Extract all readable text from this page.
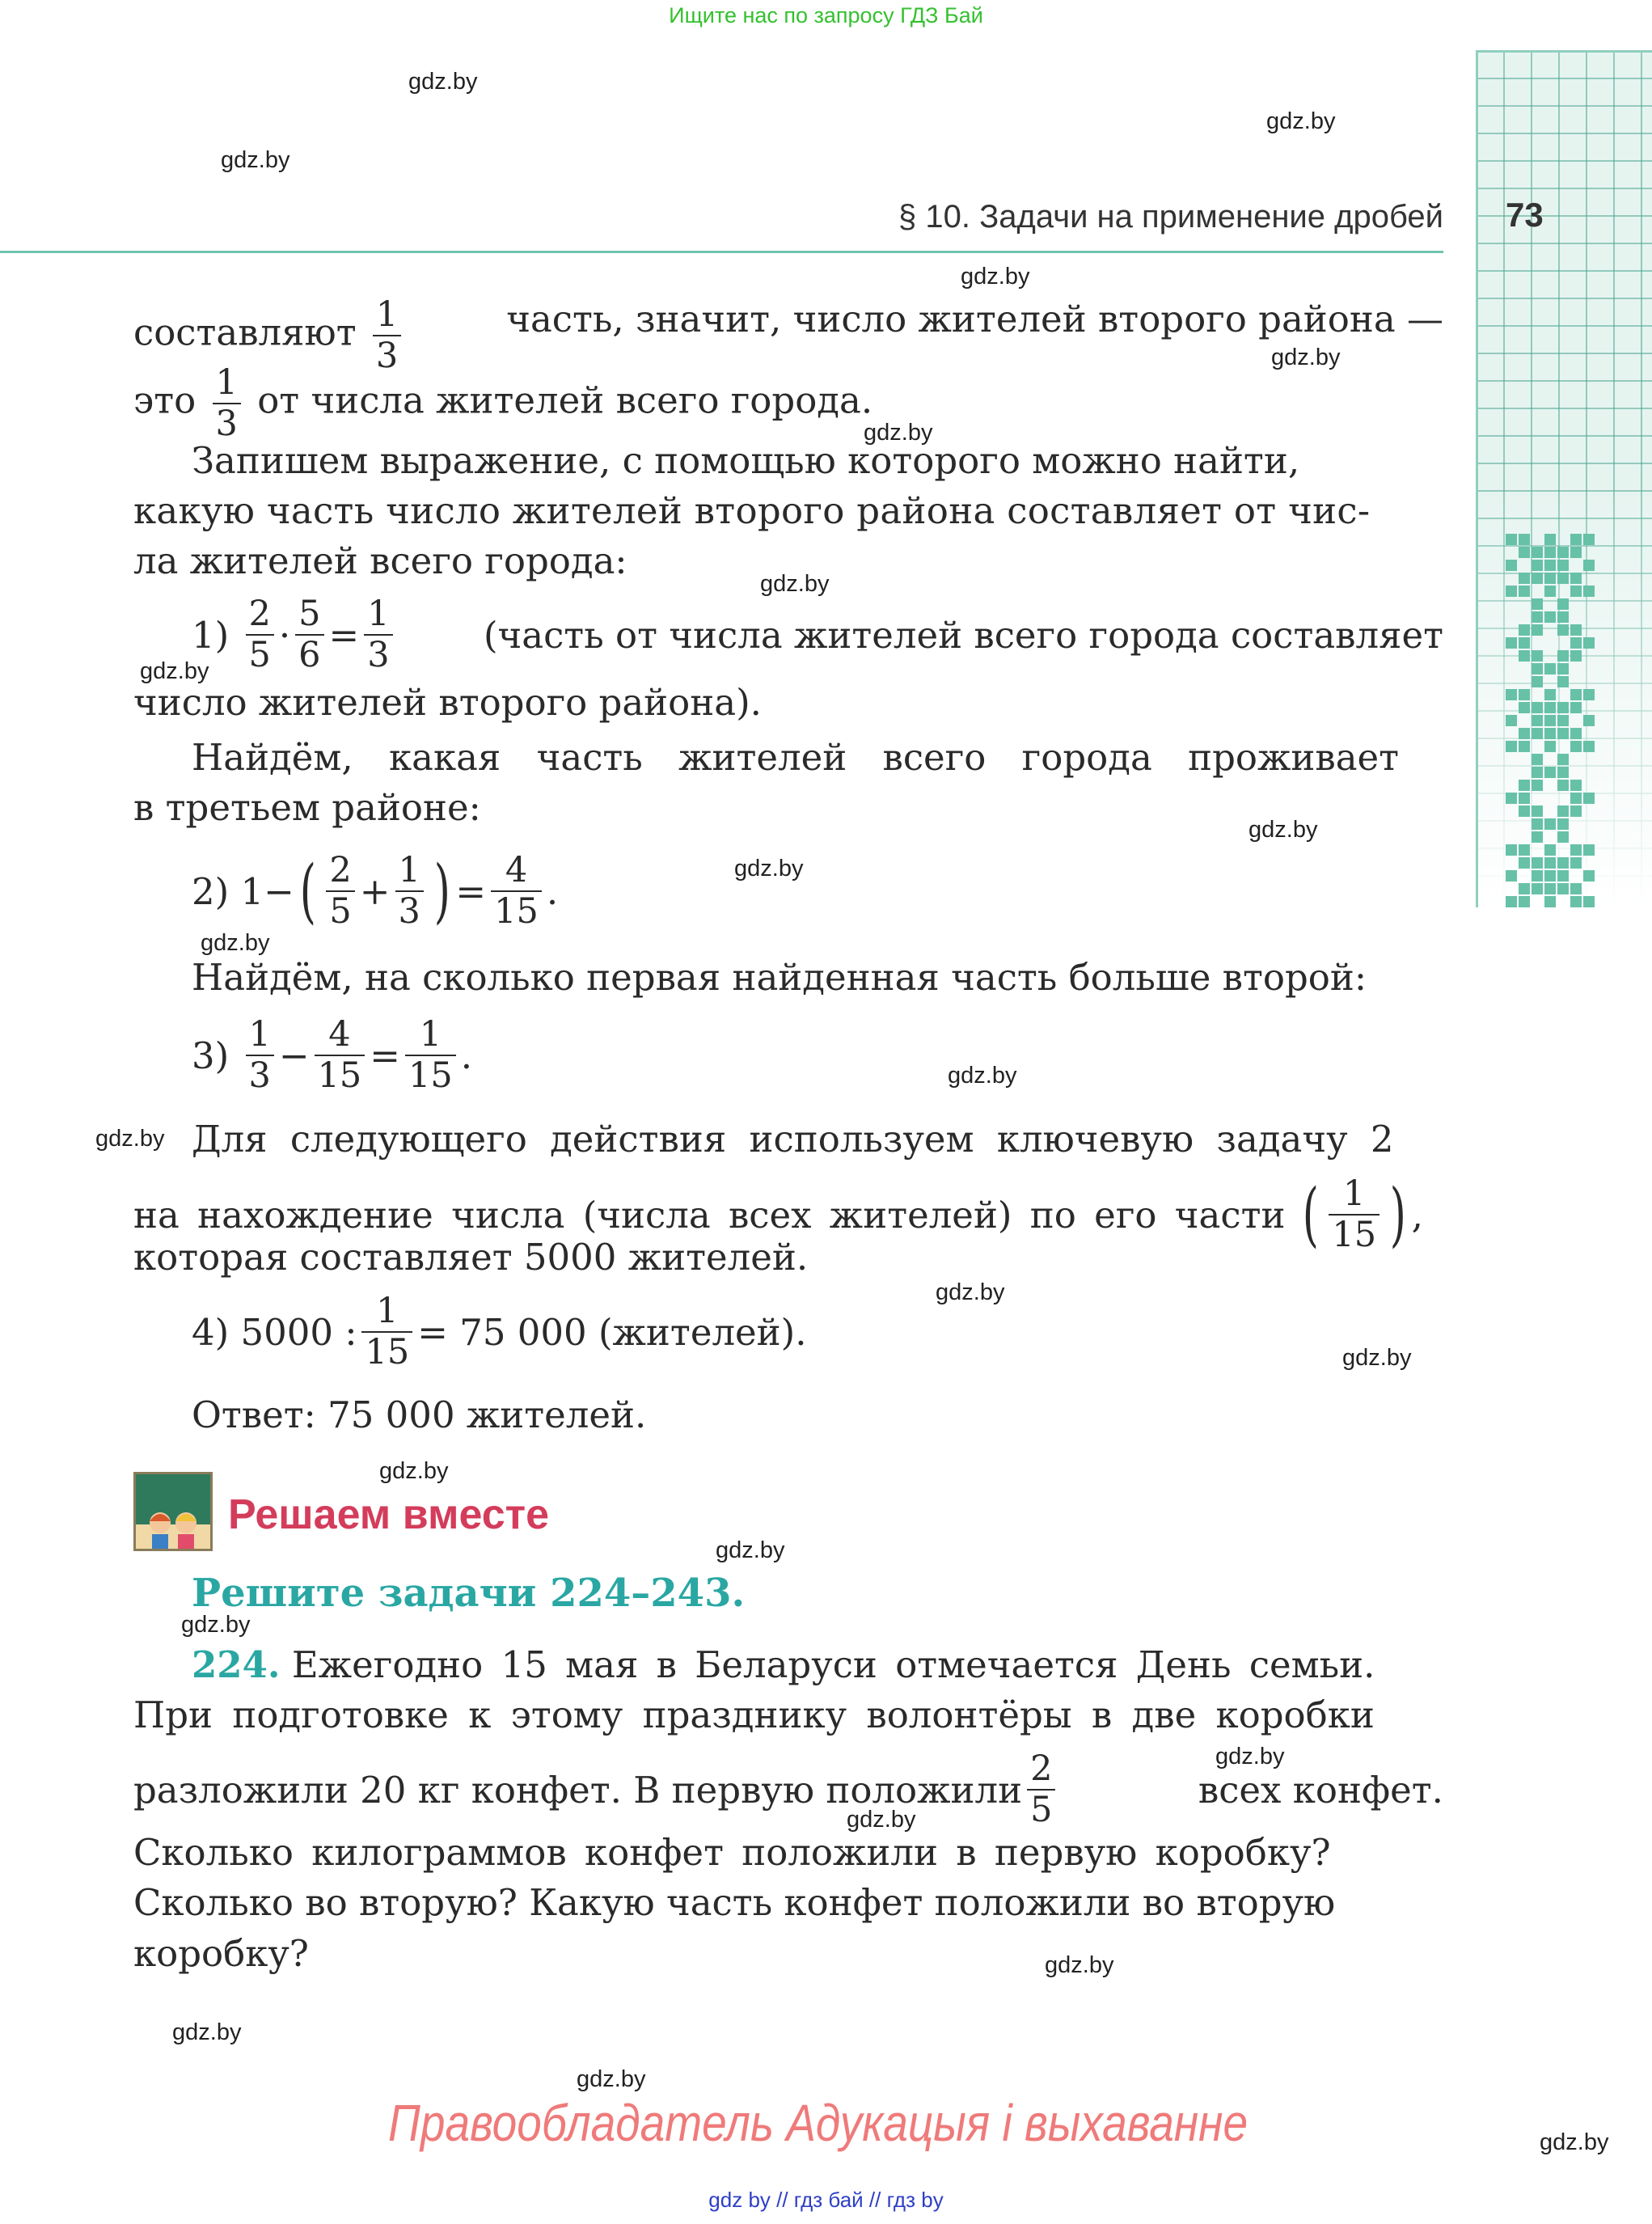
Ищите нас по запросу ГДЗ Бай
§ 10. Задачи на применение дробей 73
gdz.by
gdz.by
gdz.by
gdz.by
gdz.by
gdz.by
gdz.by
gdz.by
gdz.by
gdz.by
gdz.by
gdz.by
gdz.by
gdz.by
gdz.by
gdz.by
gdz.by
gdz.by
gdz.by
gdz.by
gdz.by
gdz.by
gdz.by
gdz.by
составляют $\frac{1}{3}$	часть, значит, число жителей второго района —
это $\frac{1}{3}$ от числа жителей всего города.
Запишем выражение, с помощью которого можно найти,
какую часть число жителей второго района составляет от чис-
ла жителей всего города:
1)
$\frac{2}{5} \cdot \frac{5}{6} = \frac{1}{3}$ (часть от числа жителей всего города составляет
число жителей второго района).
Найдём, какая часть жителей всего города проживает
в третьем районе:
2)
1 − ( $\frac{2}{5} + \frac{1}{3}$ ) = $\frac{4}{15}$ .
Найдём, на сколько первая найденная часть больше второй:
3)
$\frac{1}{3} - \frac{4}{15} = \frac{1}{15}$ .
Для следующего действия используем ключевую задачу 2
на нахождение числа (числа всех жителей) по его части
( $\frac{1}{15}$ ) ,
которая составляет 5000 жителей.
4) 5000 : $\frac{1}{15} = 75$ 000 (жителей).
Ответ: 75 000 жителей.
Решаем вместе
Решите задачи 224–243.
224. Ежегодно 15 мая в Беларуси отмечается День семьи.
При подготовке к этому празднику волонтёры в две коробки
разложили 20 кг конфет. В первую положили $\frac{2}{5}$	всех конфет.
Сколько килограммов конфет положили в первую коробку?
Сколько во вторую? Какую часть конфет положили во вторую
коробку?
Правообладатель Адукацыя і выхаванне
gdz by // гдз бай // гдз by
